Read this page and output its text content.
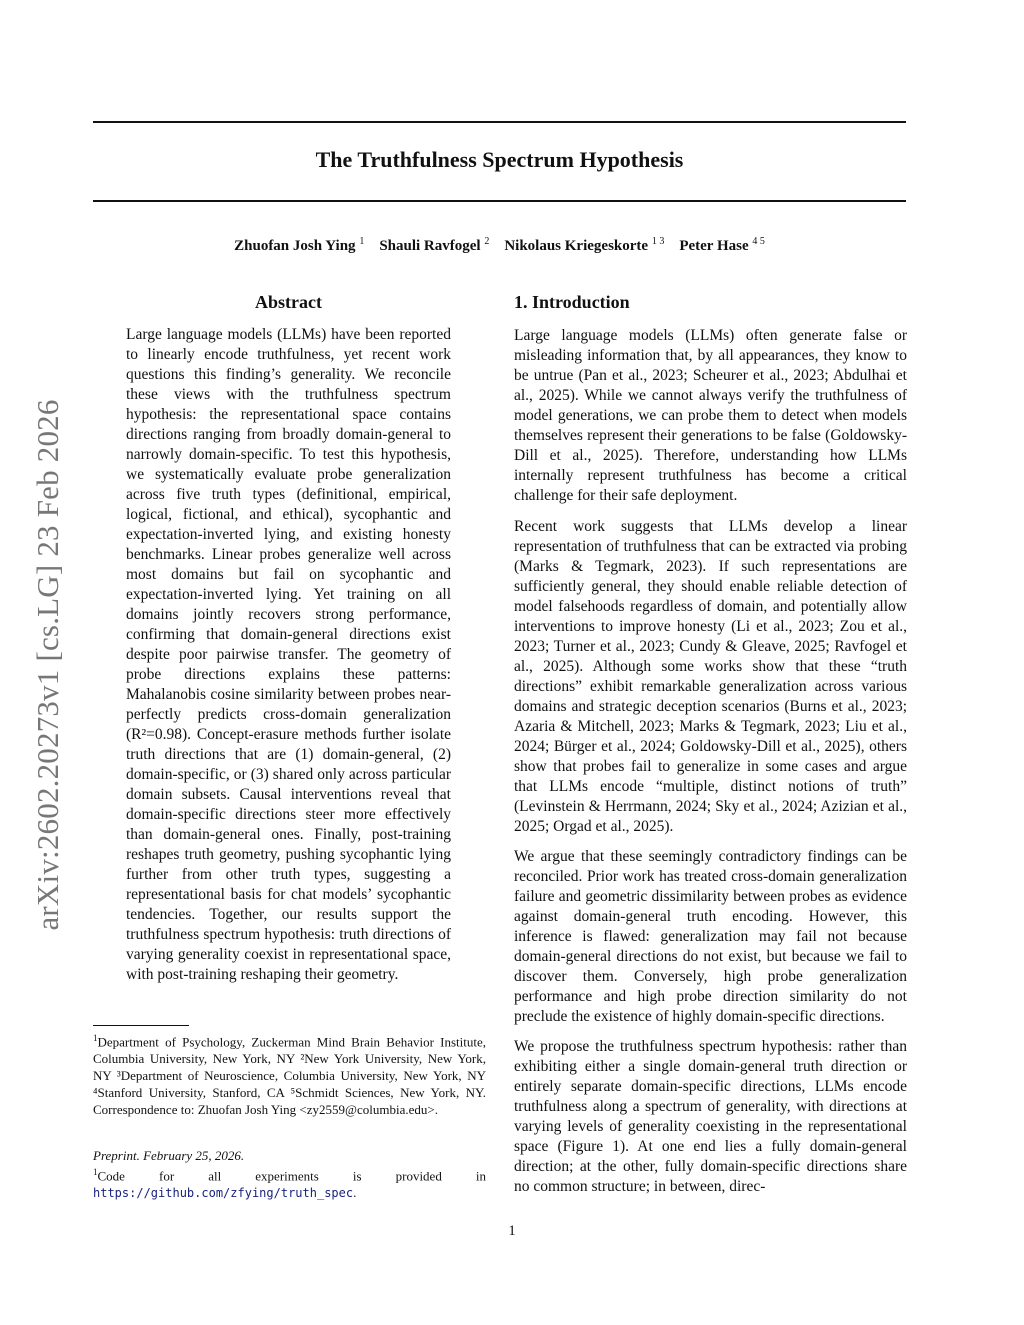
The Truthfulness Spectrum Hypothesis
Zhuofan Josh Ying $^1$ Shauli Ravfogel $^2$ Nikolaus Kriegeskorte $^{1 3}$ Peter Hase $^{4 5}$
arXiv:2602.20273v1 [cs.LG] 23 Feb 2026
Abstract
Large language models (LLMs) have been reported to linearly encode truthfulness, yet recent work questions this finding’s generality. We reconcile these views with the truthfulness spectrum hypothesis: the representational space contains directions ranging from broadly domain-general to narrowly domain-specific. To test this hypothesis, we systematically evaluate probe generalization across five truth types (definitional, empirical, logical, fictional, and ethical), sycophantic and expectation-inverted lying, and existing honesty benchmarks. Linear probes generalize well across most domains but fail on sycophantic and expectation-inverted lying. Yet training on all domains jointly recovers strong performance, confirming that domain-general directions exist despite poor pairwise transfer. The geometry of probe directions explains these patterns: Mahalanobis cosine similarity between probes near-perfectly predicts cross-domain generalization (R²=0.98). Concept-erasure methods further isolate truth directions that are (1) domain-general, (2) domain-specific, or (3) shared only across particular domain subsets. Causal interventions reveal that domain-specific directions steer more effectively than domain-general ones. Finally, post-training reshapes truth geometry, pushing sycophantic lying further from other truth types, suggesting a representational basis for chat models’ sycophantic tendencies. Together, our results support the truthfulness spectrum hypothesis: truth directions of varying generality coexist in representational space, with post-training reshaping their geometry.
1. Introduction
Large language models (LLMs) often generate false or misleading information that, by all appearances, they know to be untrue (Pan et al., 2023; Scheurer et al., 2023; Abdulhai et al., 2025). While we cannot always verify the truthfulness of model generations, we can probe them to detect when models themselves represent their generations to be false (Goldowsky-Dill et al., 2025). Therefore, understanding how LLMs internally represent truthfulness has become a critical challenge for their safe deployment.
Recent work suggests that LLMs develop a linear representation of truthfulness that can be extracted via probing (Marks & Tegmark, 2023). If such representations are sufficiently general, they should enable reliable detection of model falsehoods regardless of domain, and potentially allow interventions to improve honesty (Li et al., 2023; Zou et al., 2023; Turner et al., 2023; Cundy & Gleave, 2025; Ravfogel et al., 2025). Although some works show that these “truth directions” exhibit remarkable generalization across various domains and strategic deception scenarios (Burns et al., 2023; Azaria & Mitchell, 2023; Marks & Tegmark, 2023; Liu et al., 2024; Bürger et al., 2024; Goldowsky-Dill et al., 2025), others show that probes fail to generalize in some cases and argue that LLMs encode “multiple, distinct notions of truth” (Levinstein & Herrmann, 2024; Sky et al., 2024; Azizian et al., 2025; Orgad et al., 2025).
We argue that these seemingly contradictory findings can be reconciled. Prior work has treated cross-domain generalization failure and geometric dissimilarity between probes as evidence against domain-general truth encoding. However, this inference is flawed: generalization may fail not because domain-general directions do not exist, but because we fail to discover them. Conversely, high probe generalization performance and high probe direction similarity do not preclude the existence of highly domain-specific directions.
We propose the truthfulness spectrum hypothesis: rather than exhibiting either a single domain-general truth direction or entirely separate domain-specific directions, LLMs encode truthfulness along a spectrum of generality, with directions at varying levels of generality coexisting in the representational space (Figure 1). At one end lies a fully domain-general direction; at the other, fully domain-specific directions share no common structure; in between, direc-
$^1$Department of Psychology, Zuckerman Mind Brain Behavior Institute, Columbia University, New York, NY ²New York University, New York, NY ³Department of Neuroscience, Columbia University, New York, NY ⁴Stanford University, Stanford, CA ⁵Schmidt Sciences, New York, NY. Correspondence to: Zhuofan Josh Ying <zy2559@columbia.edu>.
Preprint. February 25, 2026.
$^1$Code for all experiments is provided in https://github.com/zfying/truth_spec.
1
